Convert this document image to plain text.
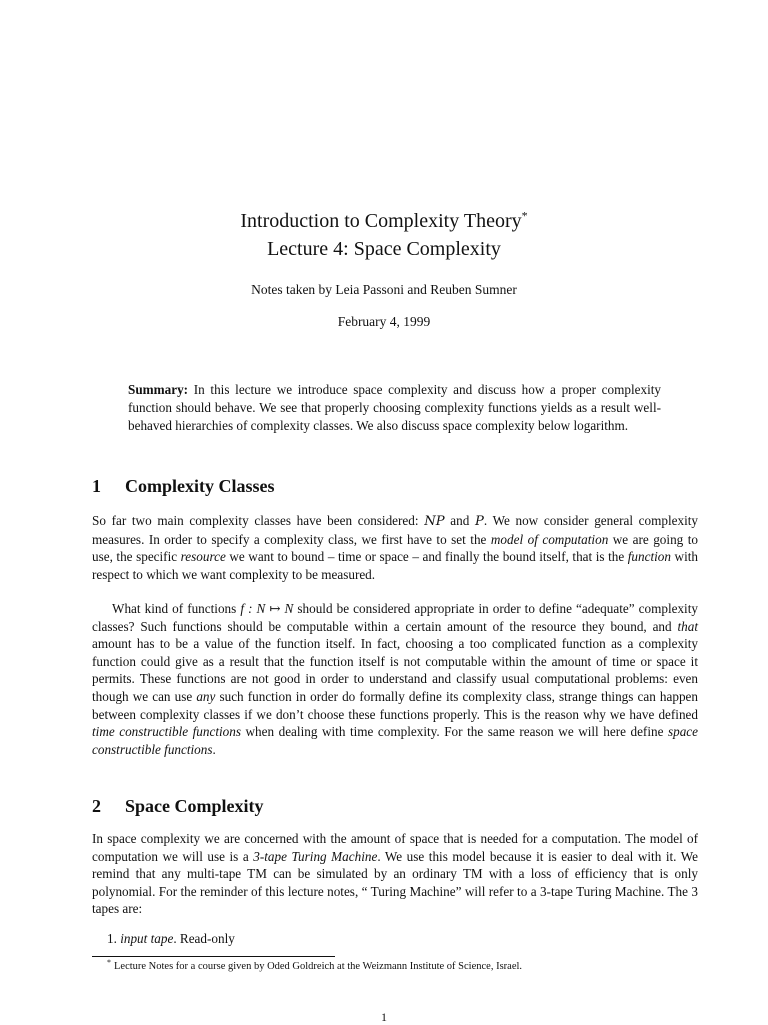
Introduction to Complexity Theory*
Lecture 4: Space Complexity
Notes taken by Leia Passoni and Reuben Sumner
February 4, 1999
Summary: In this lecture we introduce space complexity and discuss how a proper complexity function should behave. We see that properly choosing complexity functions yields as a result well-behaved hierarchies of complexity classes. We also discuss space complexity below logarithm.
1 Complexity Classes
So far two main complexity classes have been considered: NP and P. We now consider general complexity measures. In order to specify a complexity class, we first have to set the model of computation we are going to use, the specific resource we want to bound – time or space – and finally the bound itself, that is the function with respect to which we want complexity to be measured.
What kind of functions f : N ↦ N should be considered appropriate in order to define “adequate” complexity classes? Such functions should be computable within a certain amount of the resource they bound, and that amount has to be a value of the function itself. In fact, choosing a too complicated function as a complexity function could give as a result that the function itself is not computable within the amount of time or space it permits. These functions are not good in order to understand and classify usual computational problems: even though we can use any such function in order do formally define its complexity class, strange things can happen between complexity classes if we don’t choose these functions properly. This is the reason why we have defined time constructible functions when dealing with time complexity. For the same reason we will here define space constructible functions.
2 Space Complexity
In space complexity we are concerned with the amount of space that is needed for a computation. The model of computation we will use is a 3-tape Turing Machine. We use this model because it is easier to deal with it. We remind that any multi-tape TM can be simulated by an ordinary TM with a loss of efficiency that is only polynomial. For the reminder of this lecture notes, “ Turing Machine” will refer to a 3-tape Turing Machine. The 3 tapes are:
1. input tape. Read-only
* Lecture Notes for a course given by Oded Goldreich at the Weizmann Institute of Science, Israel.
1
